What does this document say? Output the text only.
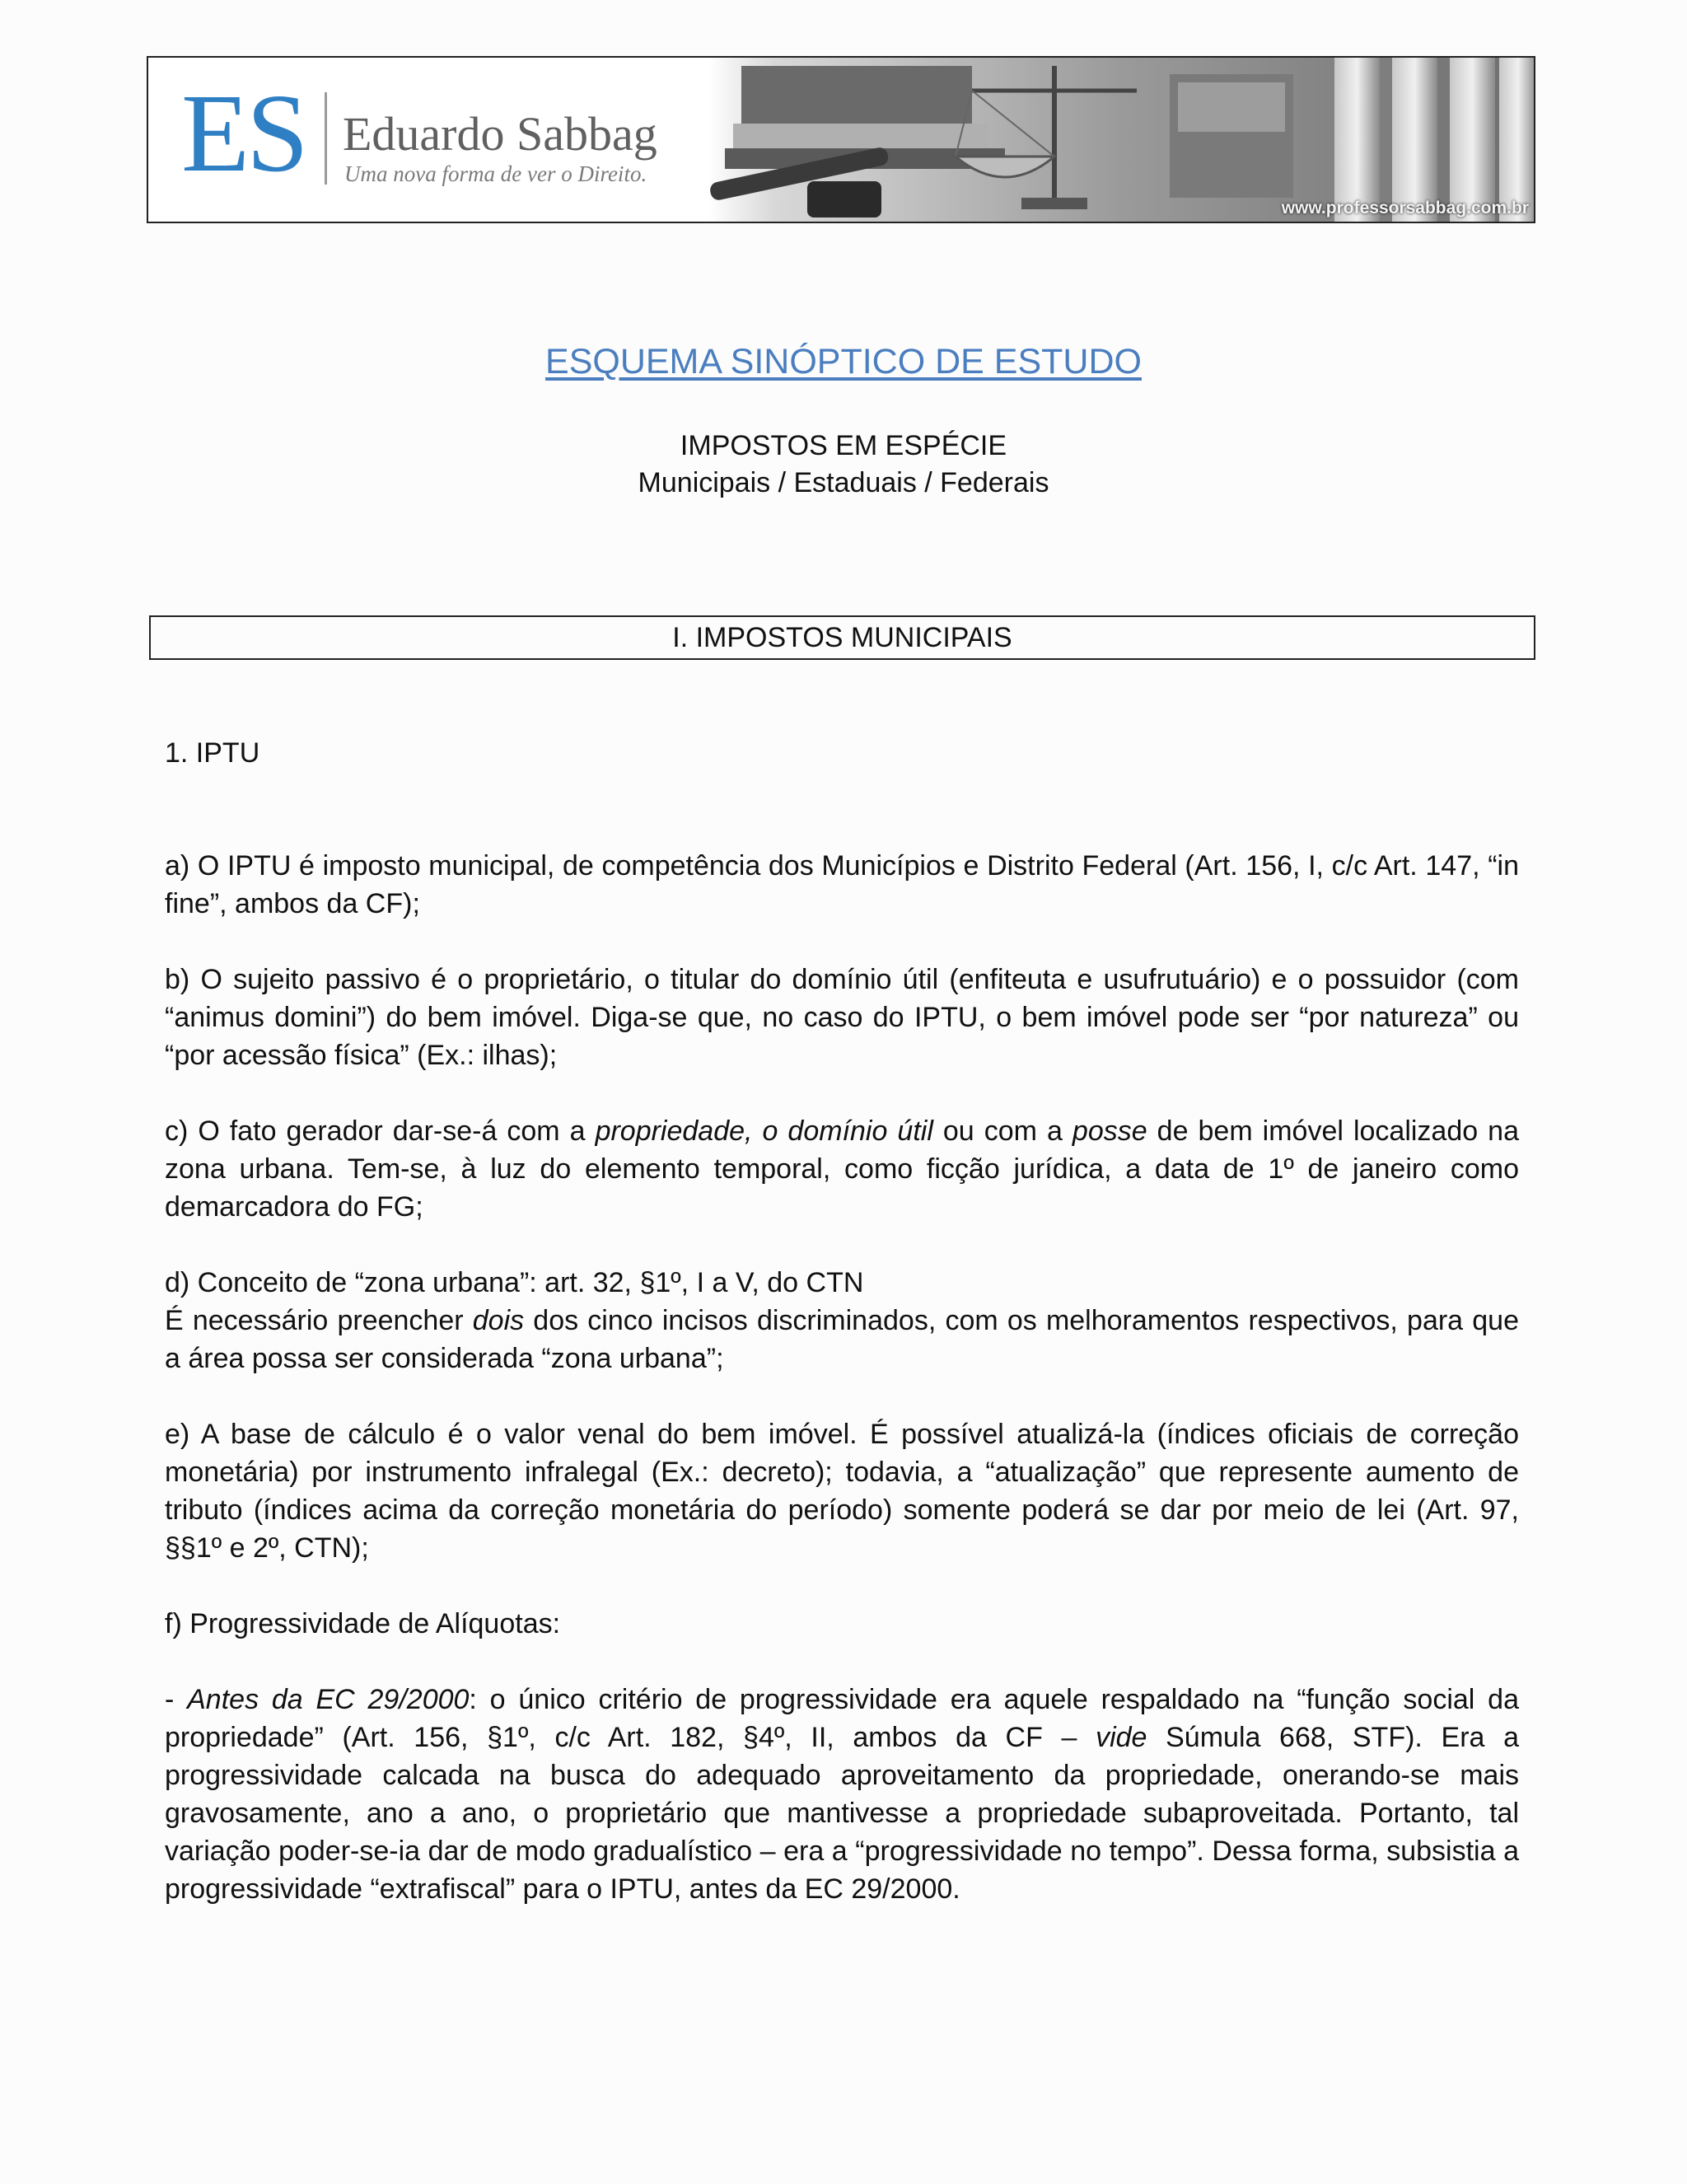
ES Eduardo Sabbag
Uma nova forma de ver o Direito.
www.professorsabbag.com.br
ESQUEMA SINÓPTICO DE ESTUDO
IMPOSTOS EM ESPÉCIE
Municipais / Estaduais / Federais
I. IMPOSTOS MUNICIPAIS
1. IPTU

a) O IPTU é imposto municipal, de competência dos Municípios e Distrito Federal (Art. 156, I, c/c Art. 147, “in fine”, ambos da CF);

b) O sujeito passivo é o proprietário, o titular do domínio útil (enfiteuta e usufrutuário) e o possuidor (com “animus domini”) do bem imóvel. Diga-se que, no caso do IPTU, o bem imóvel pode ser “por natureza” ou “por acessão física” (Ex.: ilhas);

c) O fato gerador dar-se-á com a propriedade, o domínio útil ou com a posse de bem imóvel localizado na zona urbana. Tem-se, à luz do elemento temporal, como ficção jurídica, a data de 1º de janeiro como demarcadora do FG;

d) Conceito de “zona urbana”: art. 32, §1º, I a V, do CTN

É necessário preencher dois dos cinco incisos discriminados, com os melhoramentos respectivos, para que a área possa ser considerada “zona urbana”;

e) A base de cálculo é o valor venal do bem imóvel. É possível atualizá-la (índices oficiais de correção monetária) por instrumento infralegal (Ex.: decreto); todavia, a “atualização” que represente aumento de tributo (índices acima da correção monetária do período) somente poderá se dar por meio de lei (Art. 97, §§1º e 2º, CTN);

f) Progressividade de Alíquotas:

- Antes da EC 29/2000: o único critério de progressividade era aquele respaldado na “função social da propriedade” (Art. 156, §1º, c/c Art. 182, §4º, II, ambos da CF – vide Súmula 668, STF). Era a progressividade calcada na busca do adequado aproveitamento da propriedade, onerando-se mais gravosamente, ano a ano, o proprietário que mantivesse a propriedade subaproveitada. Portanto, tal variação poder-se-ia dar de modo gradualístico – era a “progressividade no tempo”. Dessa forma, subsistia a progressividade “extrafiscal” para o IPTU, antes da EC 29/2000.
